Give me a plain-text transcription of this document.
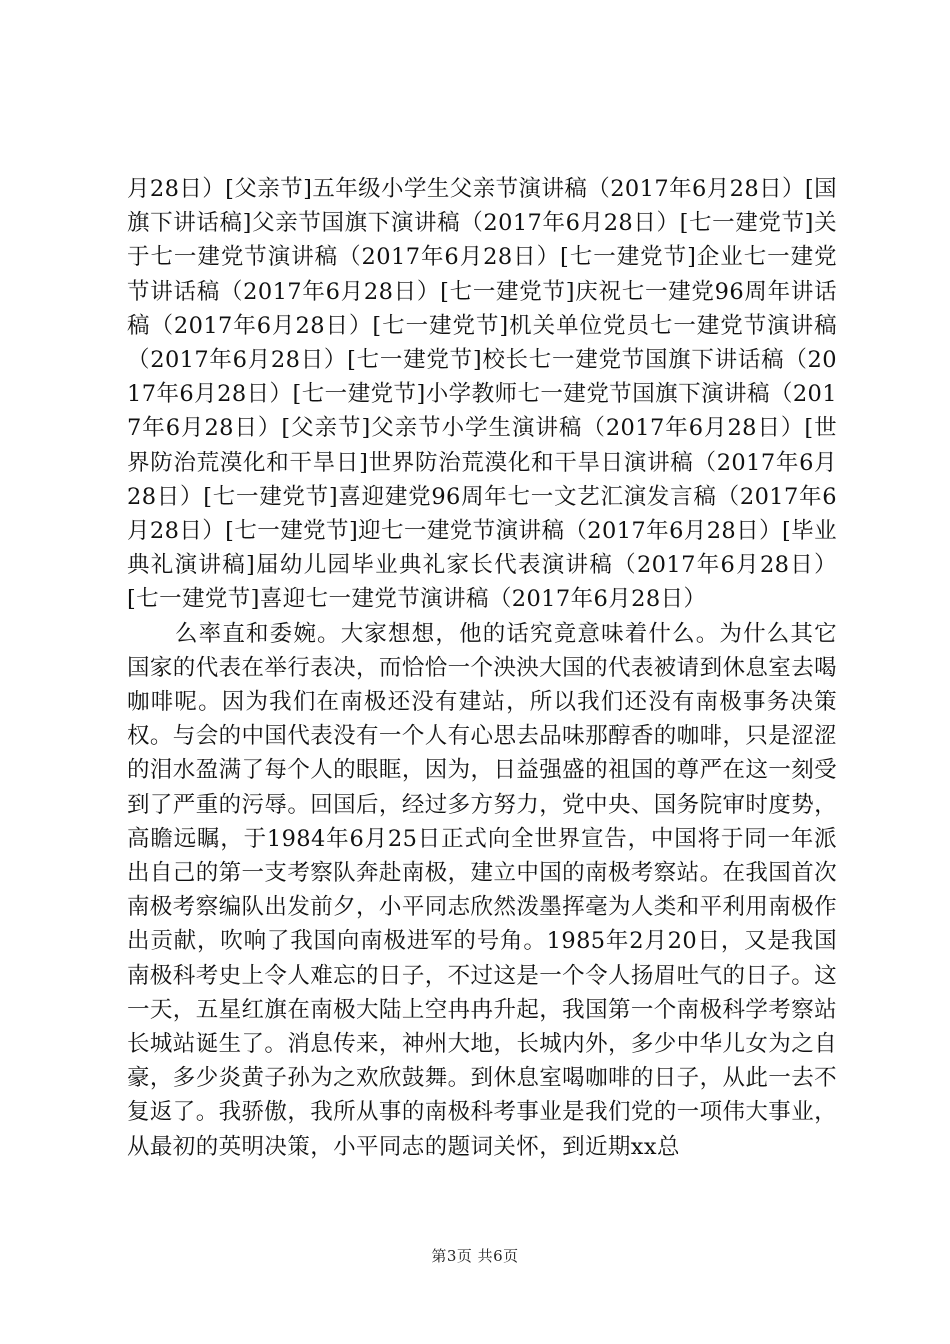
月28日）[父亲节]五年级小学生父亲节演讲稿（2017年6月28日）[国旗下讲话稿]父亲节国旗下演讲稿（2017年6月28日）[七一建党节]关于七一建党节演讲稿（2017年6月28日）[七一建党节]企业七一建党节讲话稿（2017年6月28日）[七一建党节]庆祝七一建党96周年讲话稿（2017年6月28日）[七一建党节]机关单位党员七一建党节演讲稿（2017年6月28日）[七一建党节]校长七一建党节国旗下讲话稿（2017年6月28日）[七一建党节]小学教师七一建党节国旗下演讲稿（2017年6月28日）[父亲节]父亲节小学生演讲稿（2017年6月28日）[世界防治荒漠化和干旱日]世界防治荒漠化和干旱日演讲稿（2017年6月28日）[七一建党节]喜迎建党96周年七一文艺汇演发言稿（2017年6月28日）[七一建党节]迎七一建党节演讲稿（2017年6月28日）[毕业典礼演讲稿]届幼儿园毕业典礼家长代表演讲稿（2017年6月28日）[七一建党节]喜迎七一建党节演讲稿（2017年6月28日）

么率直和委婉。大家想想，他的话究竟意味着什么。为什么其它国家的代表在举行表决，而恰恰一个泱泱大国的代表被请到休息室去喝咖啡呢。因为我们在南极还没有建站，所以我们还没有南极事务决策权。与会的中国代表没有一个人有心思去品味那醇香的咖啡，只是涩涩的泪水盈满了每个人的眼眶，因为，日益强盛的祖国的尊严在这一刻受到了严重的污辱。回国后，经过多方努力，党中央、国务院审时度势，高瞻远瞩，于1984年6月25日正式向全世界宣告，中国将于同一年派出自己的第一支考察队奔赴南极，建立中国的南极考察站。在我国首次南极考察编队出发前夕，小平同志欣然泼墨挥毫为人类和平利用南极作出贡献，吹响了我国向南极进军的号角。1985年2月20日，又是我国南极科考史上令人难忘的日子，不过这是一个令人扬眉吐气的日子。这一天，五星红旗在南极大陆上空冉冉升起，我国第一个南极科学考察站长城站诞生了。消息传来，神州大地，长城内外，多少中华儿女为之自豪，多少炎黄子孙为之欢欣鼓舞。到休息室喝咖啡的日子，从此一去不复返了。我骄傲，我所从事的南极科考事业是我们党的一项伟大事业，从最初的英明决策，小平同志的题词关怀，到近期xx总

第3页 共6页
